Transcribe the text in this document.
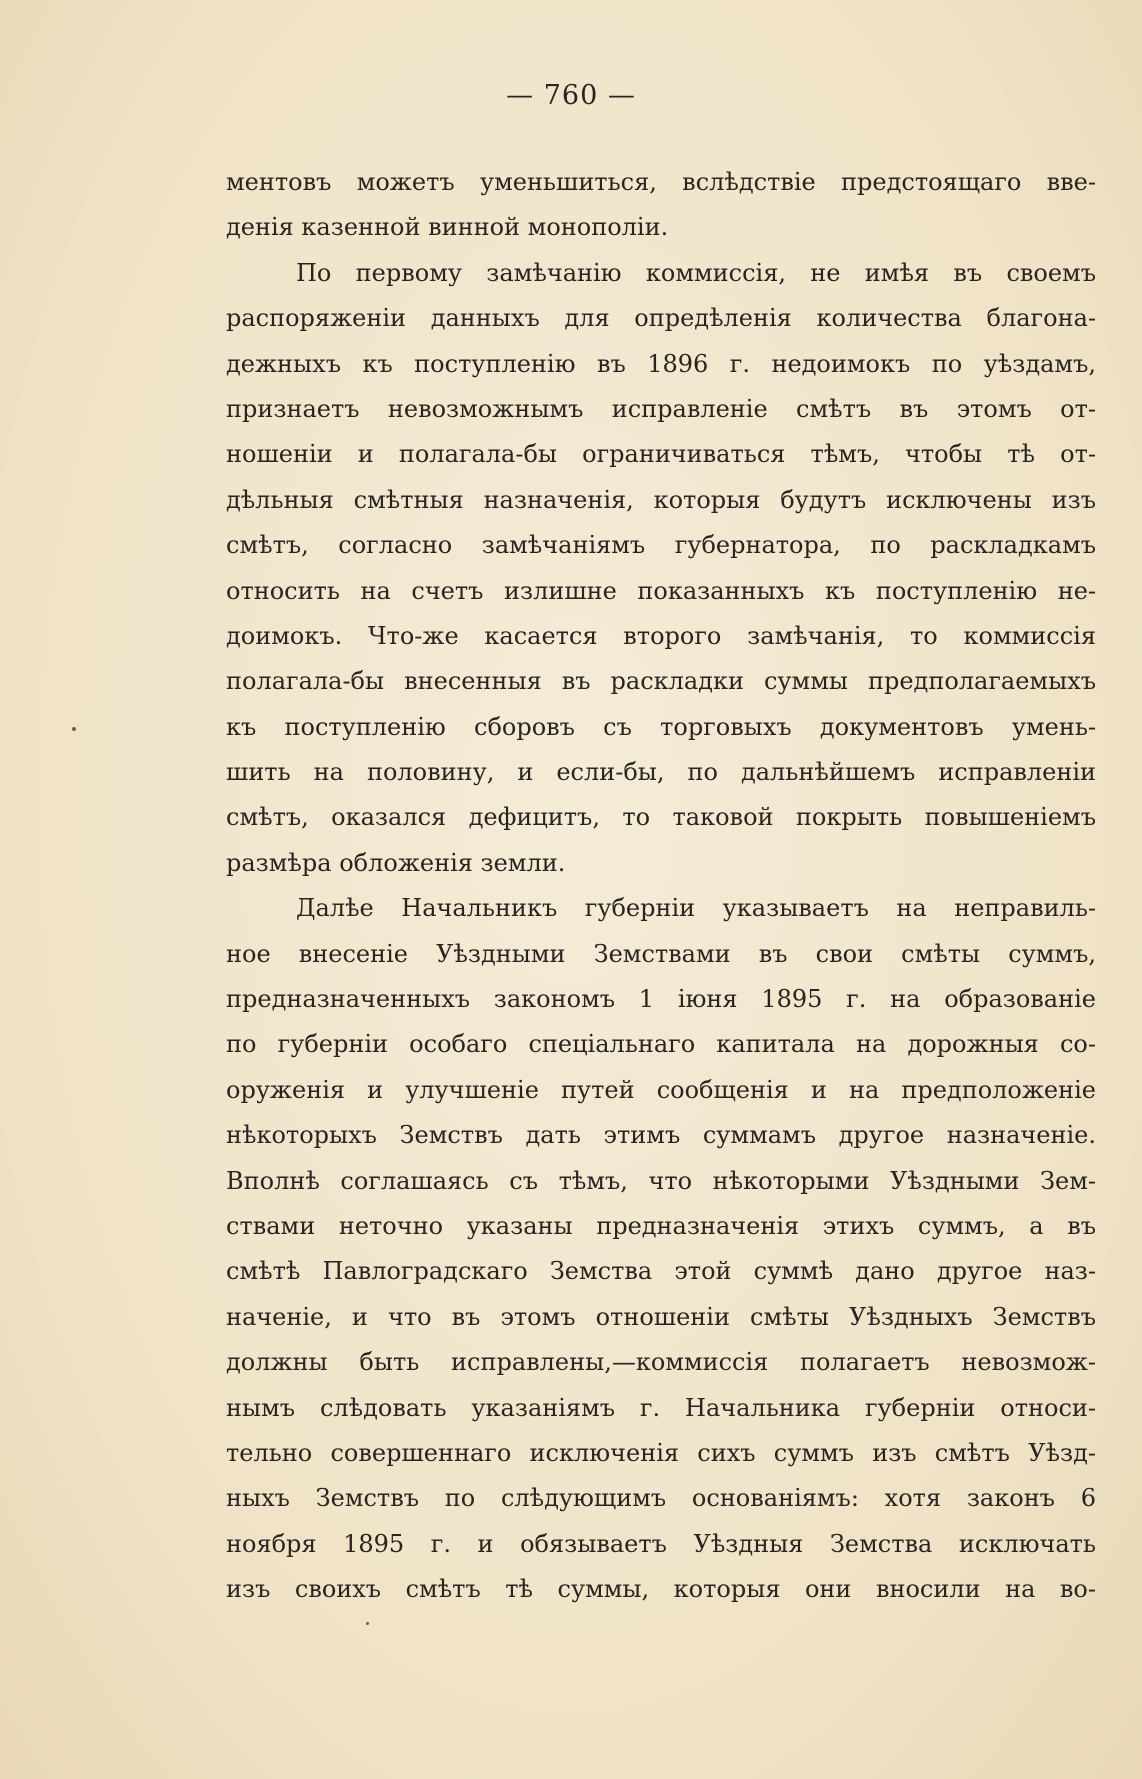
— 760 —
ментовъ можетъ уменьшиться, вслѣдствіе предстоящаго вве-
денія казенной винной монополіи.
По первому замѣчанію коммиссія, не имѣя въ своемъ
распоряженіи данныхъ для опредѣленія количества благона-
дежныхъ къ поступленію въ 1896 г. недоимокъ по уѣздамъ,
признаетъ невозможнымъ исправленіе смѣтъ въ этомъ от-
ношеніи и полагала-бы ограничиваться тѣмъ, чтобы тѣ от-
дѣльныя смѣтныя назначенія, которыя будутъ исключены изъ
смѣтъ, согласно замѣчаніямъ губернатора, по раскладкамъ
относить на счетъ излишне показанныхъ къ поступленію не-
доимокъ. Что-же касается второго замѣчанія, то коммиссія
полагала-бы внесенныя въ раскладки суммы предполагаемыхъ
къ поступленію сборовъ съ торговыхъ документовъ умень-
шить на половину, и если-бы, по дальнѣйшемъ исправленіи
смѣтъ, оказался дефицитъ, то таковой покрыть повышеніемъ
размѣра обложенія земли.
Далѣе Начальникъ губерніи указываетъ на неправиль-
ное внесеніе Уѣздными Земствами въ свои смѣты суммъ,
предназначенныхъ закономъ 1 іюня 1895 г. на образованіе
по губерніи особаго спеціальнаго капитала на дорожныя со-
оруженія и улучшеніе путей сообщенія и на предположеніе
нѣкоторыхъ Земствъ дать этимъ суммамъ другое назначеніе.
Вполнѣ соглашаясь съ тѣмъ, что нѣкоторыми Уѣздными Зем-
ствами неточно указаны предназначенія этихъ суммъ, а въ
смѣтѣ Павлоградскаго Земства этой суммѣ дано другое наз-
наченіе, и что въ этомъ отношеніи смѣты Уѣздныхъ Земствъ
должны быть исправлены,—коммиссія полагаетъ невозмож-
нымъ слѣдовать указаніямъ г. Начальника губерніи относи-
тельно совершеннаго исключенія сихъ суммъ изъ смѣтъ Уѣзд-
ныхъ Земствъ по слѣдующимъ основаніямъ: хотя законъ 6
ноября 1895 г. и обязываетъ Уѣздныя Земства исключать
изъ своихъ смѣтъ тѣ суммы, которыя они вносили на во-
